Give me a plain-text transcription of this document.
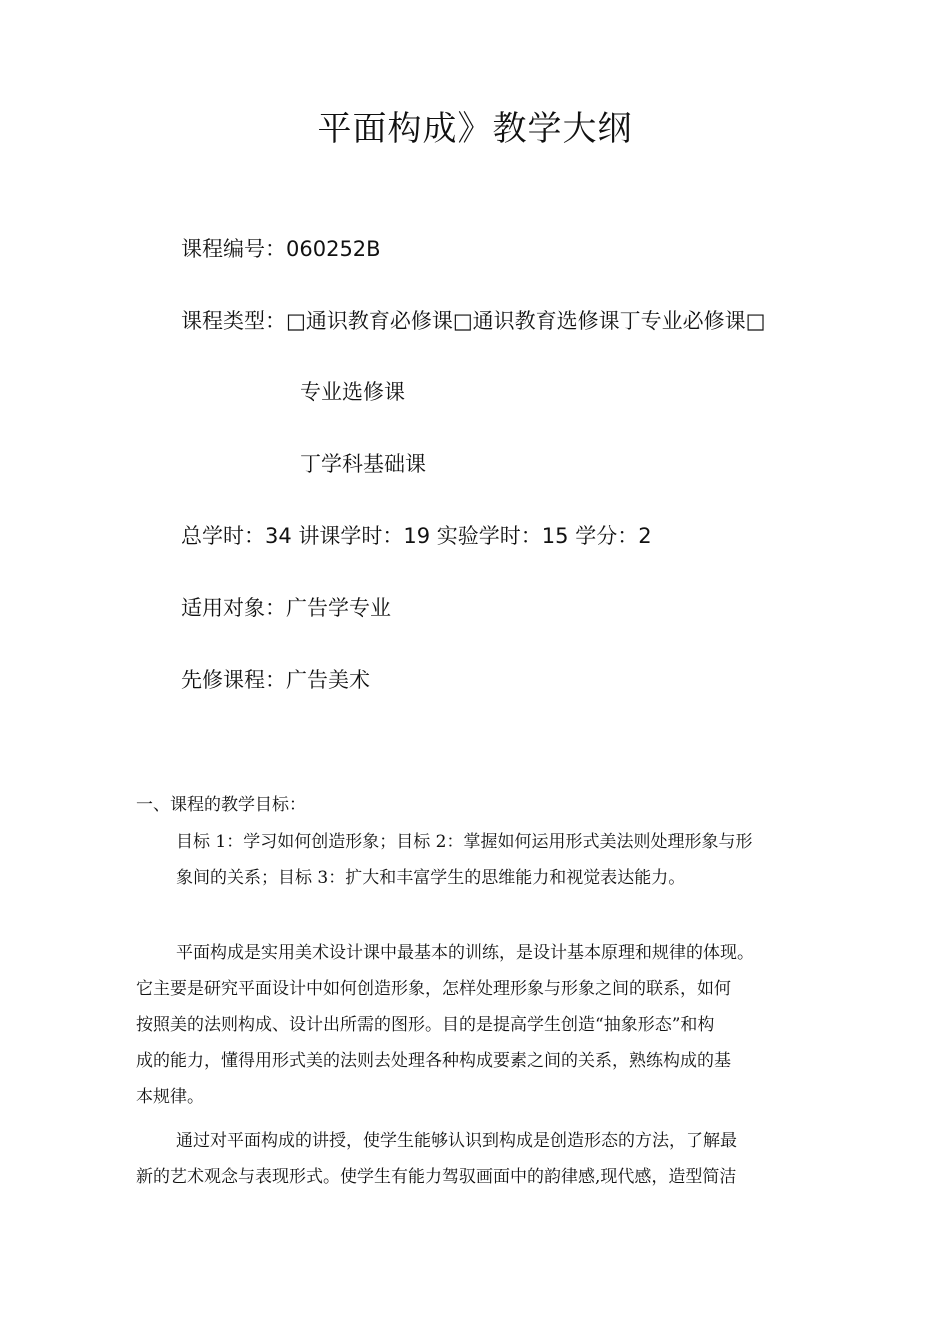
平面构成》教学大纲
课程编号：060252B
课程类型：□通识教育必修课□通识教育选修课丁专业必修课□
专业选修课
丁学科基础课
总学时：34 讲课学时：19 实验学时：15 学分：2
适用对象：广告学专业
先修课程：广告美术
一、课程的教学目标：

目标 1：学习如何创造形象；目标 2：掌握如何运用形式美法则处理形象与形

象间的关系；目标 3：扩大和丰富学生的思维能力和视觉表达能力。

平面构成是实用美术设计课中最基本的训练，是设计基本原理和规律的体现。
它主要是研究平面设计中如何创造形象，怎样处理形象与形象之间的联系，如何
按照美的法则构成、设计出所需的图形。目的是提高学生创造“抽象形态”和构
成的能力，懂得用形式美的法则去处理各种构成要素之间的关系，熟练构成的基
本规律。
通过对平面构成的讲授，使学生能够认识到构成是创造形态的方法，了解最
新的艺术观念与表现形式。使学生有能力驾驭画面中的韵律感,现代感，造型简洁
